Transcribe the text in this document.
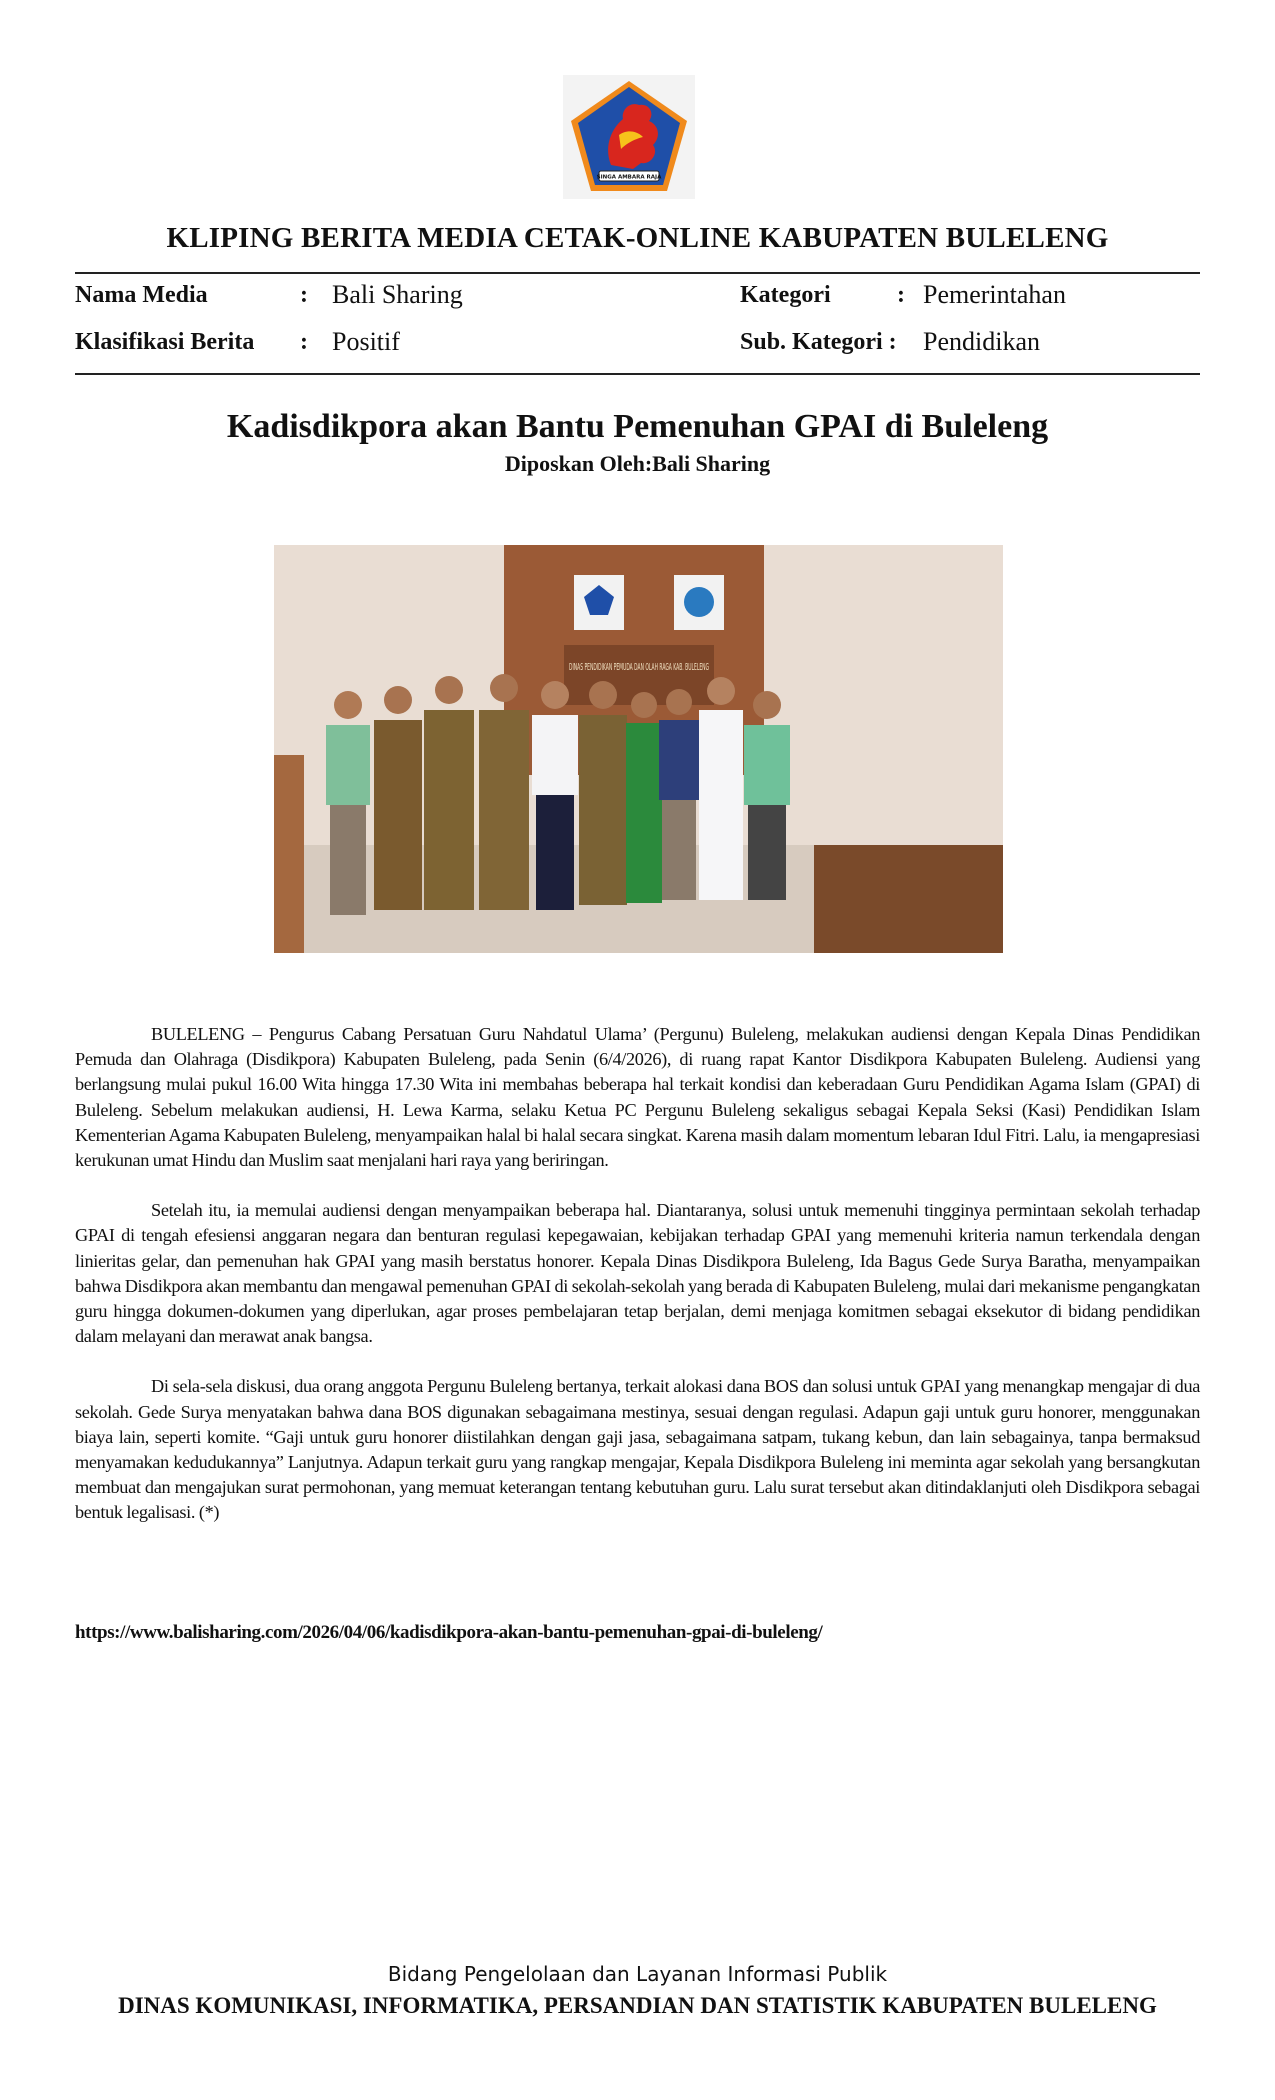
SINGA AMBARA RAJA
KLIPING BERITA MEDIA CETAK-ONLINE KABUPATEN BULELENG
Nama Media	: Bali Sharing
Klasifikasi Berita : Positif
Kategori	: Pemerintahan
Sub. Kategori : Pendidikan
Kadisdikpora akan Bantu Pemenuhan GPAI di Buleleng
Diposkan Oleh:Bali Sharing
DINAS PENDIDIKAN PEMUDA DAN OLAH RAGA KAB. BULELENG

BULELENG – Pengurus Cabang Persatuan Guru Nahdatul Ulama’ (Pergunu) Buleleng, melakukan audiensi dengan Kepala Dinas Pendidikan Pemuda dan Olahraga (Disdikpora) Kabupaten Buleleng, pada Senin (6/4/2026), di ruang rapat Kantor Disdikpora Kabupaten Buleleng. Audiensi yang berlangsung mulai pukul 16.00 Wita hingga 17.30 Wita ini membahas beberapa hal terkait kondisi dan keberadaan Guru Pendidikan Agama Islam (GPAI) di Buleleng. Sebelum melakukan audiensi, H. Lewa Karma, selaku Ketua PC Pergunu Buleleng sekaligus sebagai Kepala Seksi (Kasi) Pendidikan Islam Kementerian Agama Kabupaten Buleleng, menyampaikan halal bi halal secara singkat. Karena masih dalam momentum lebaran Idul Fitri. Lalu, ia mengapresiasi kerukunan umat Hindu dan Muslim saat menjalani hari raya yang beriringan.

Setelah itu, ia memulai audiensi dengan menyampaikan beberapa hal. Diantaranya, solusi untuk memenuhi tingginya permintaan sekolah terhadap GPAI di tengah efesiensi anggaran negara dan benturan regulasi kepegawaian, kebijakan terhadap GPAI yang memenuhi kriteria namun terkendala dengan linieritas gelar, dan pemenuhan hak GPAI yang masih berstatus honorer. Kepala Dinas Disdikpora Buleleng, Ida Bagus Gede Surya Baratha, menyampaikan bahwa Disdikpora akan membantu dan mengawal pemenuhan GPAI di sekolah-sekolah yang berada di Kabupaten Buleleng, mulai dari mekanisme pengangkatan guru hingga dokumen-dokumen yang diperlukan, agar proses pembelajaran tetap berjalan, demi menjaga komitmen sebagai eksekutor di bidang pendidikan dalam melayani dan merawat anak bangsa.

Di sela-sela diskusi, dua orang anggota Pergunu Buleleng bertanya, terkait alokasi dana BOS dan solusi untuk GPAI yang menangkap mengajar di dua sekolah. Gede Surya menyatakan bahwa dana BOS digunakan sebagaimana mestinya, sesuai dengan regulasi. Adapun gaji untuk guru honorer, menggunakan biaya lain, seperti komite. “Gaji untuk guru honorer diistilahkan dengan gaji jasa, sebagaimana satpam, tukang kebun, dan lain sebagainya, tanpa bermaksud menyamakan kedudukannya” Lanjutnya. Adapun terkait guru yang rangkap mengajar, Kepala Disdikpora Buleleng ini meminta agar sekolah yang bersangkutan membuat dan mengajukan surat permohonan, yang memuat keterangan tentang kebutuhan guru. Lalu surat tersebut akan ditindaklanjuti oleh Disdikpora sebagai bentuk legalisasi. (*)

https://www.balisharing.com/2026/04/06/kadisdikpora-akan-bantu-pemenuhan-gpai-di-buleleng/
Bidang Pengelolaan dan Layanan Informasi Publik
DINAS KOMUNIKASI, INFORMATIKA, PERSANDIAN DAN STATISTIK KABUPATEN BULELENG
